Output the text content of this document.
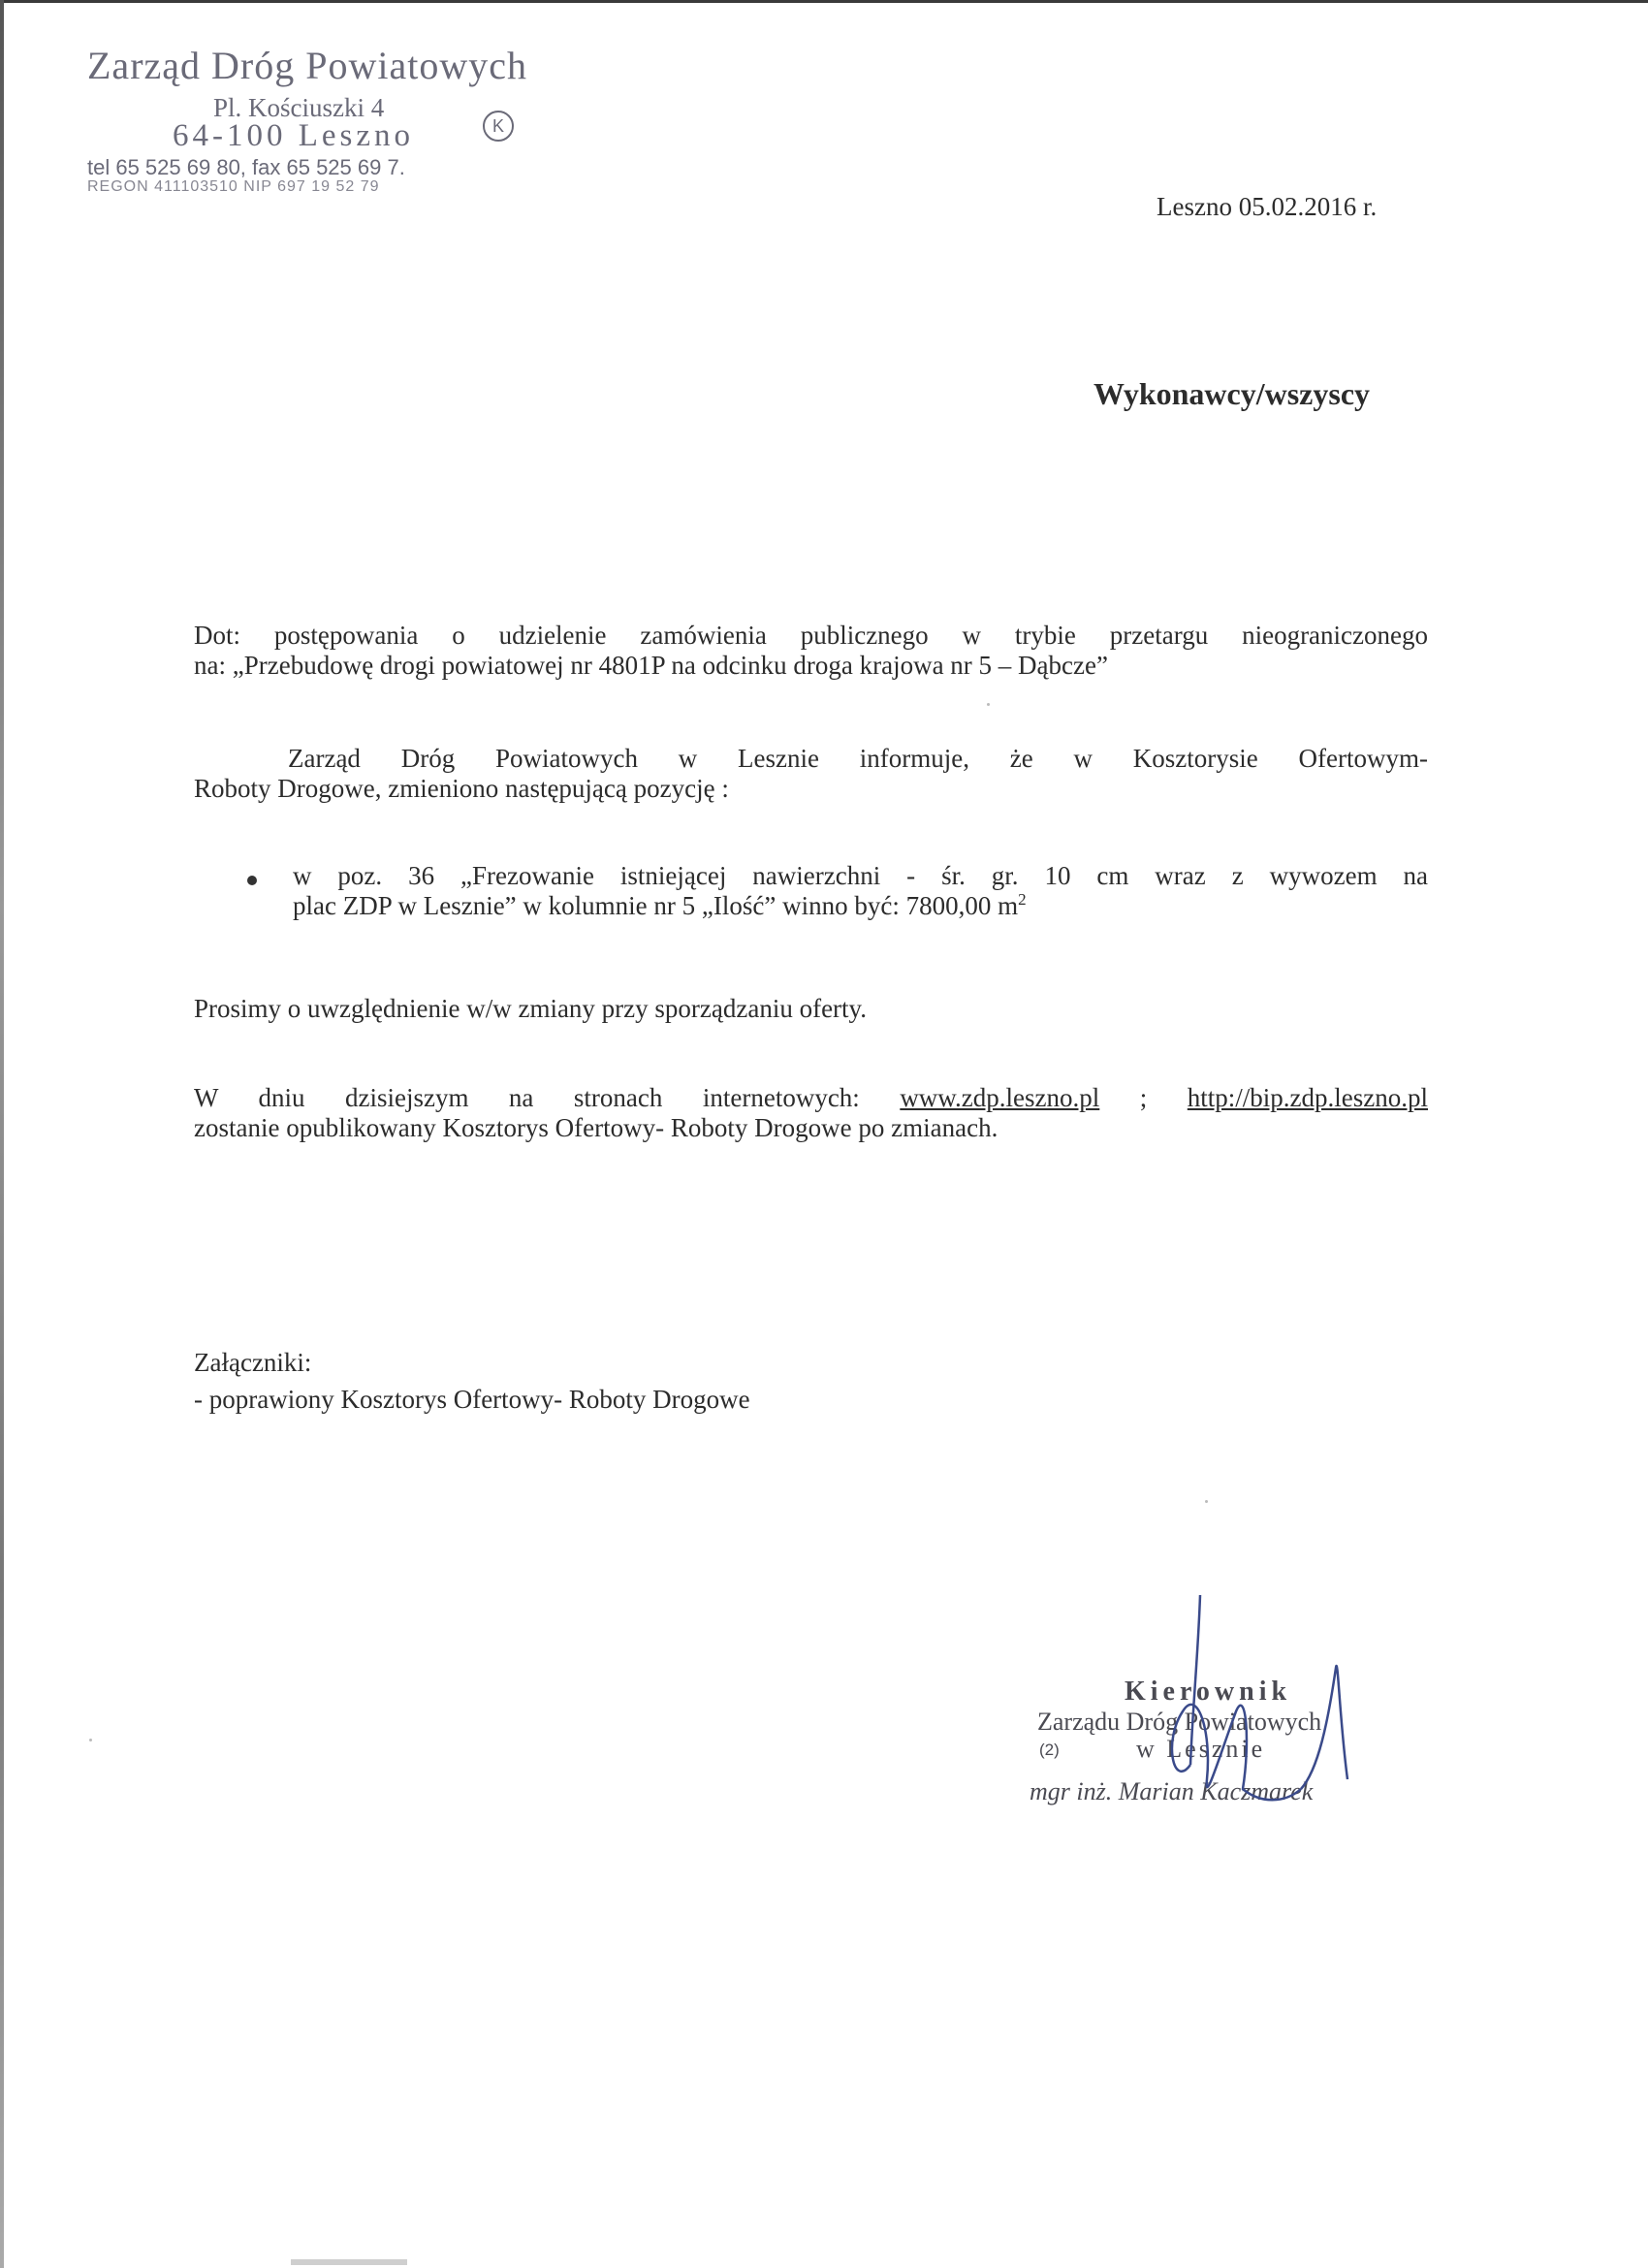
Zarząd Dróg Powiatowych
Pl. Kościuszki 4
64-100 Leszno
tel 65 525 69 80, fax 65 525 69 7.
REGON 411103510 NIP 697 19 52 79
K
Leszno 05.02.2016 r.
Wykonawcy/wszyscy
Dot: postępowania o udzielenie zamówienia publicznego w trybie przetargu nieograniczonego
na: „Przebudowę drogi powiatowej nr 4801P na odcinku droga krajowa nr 5 – Dąbcze”
Zarząd Dróg Powiatowych w Lesznie informuje, że w Kosztorysie Ofertowym-
Roboty Drogowe, zmieniono następującą pozycję :
w poz. 36 „Frezowanie istniejącej nawierzchni - śr. gr. 10 cm wraz z wywozem na
plac ZDP w Lesznie” w kolumnie nr 5 „Ilość” winno być: 7800,00 $m^2$
Prosimy o uwzględnienie w/w zmiany przy sporządzaniu oferty.
W dniu dzisiejszym na stronach internetowych: www.zdp.leszno.pl ; http://bip.zdp.leszno.pl
zostanie opublikowany Kosztorys Ofertowy- Roboty Drogowe po zmianach.
Załączniki:
- poprawiony Kosztorys Ofertowy- Roboty Drogowe
Kierownik
Zarządu Dróg Powiatowych
(2)	w Lesznie
mgr inż. Marian Kaczmarek
